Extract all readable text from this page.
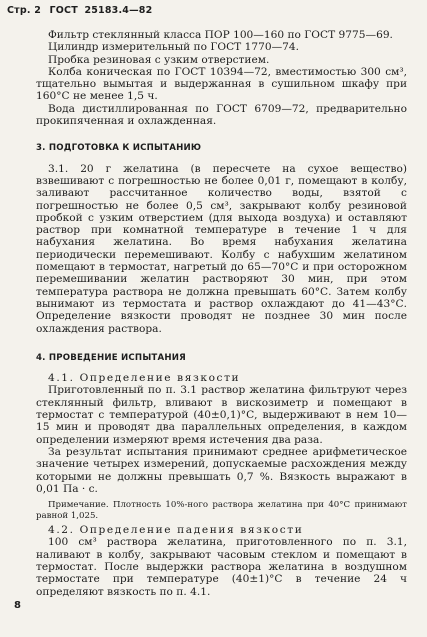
Стр. 2 ГОСТ 25183.4—82

Фильтр стеклянный класса ПОР 100—160 по ГОСТ 9775—69.

Цилиндр измерительный по ГОСТ 1770—74.

Пробка резиновая с узким отверстием.

Колба коническая по ГОСТ 10394—72, вместимостью 300 см³, тщательно вымытая и выдержанная в сушильном шкафу при 160°С не менее 1,5 ч.

Вода дистиллированная по ГОСТ 6709—72, предварительно прокипяченная и охлажденная.

3. ПОДГОТОВКА К ИСПЫТАНИЮ

3.1. 20 г желатина (в пересчете на сухое вещество) взвешивают с погрешностью не более 0,01 г, помещают в колбу, заливают рассчитанное количество воды, взятой с погрешностью не более 0,5 см³, закрывают колбу резиновой пробкой с узким отверстием (для выхода воздуха) и оставляют раствор при комнатной температуре в течение 1 ч для набухания желатина. Во время набухания желатина периодически перемешивают. Колбу с набухшим желатином помещают в термостат, нагретый до 65—70°С и при осторожном перемешивании желатин растворяют 30 мин, при этом температура раствора не должна превышать 60°С. Затем колбу вынимают из термостата и раствор охлаждают до 41—43°С. Определение вязкости проводят не позднее 30 мин после охлаждения раствора.

4. ПРОВЕДЕНИЕ ИСПЫТАНИЯ

4.1. Определение вязкости

Приготовленный по п. 3.1 раствор желатина фильтруют через стеклянный фильтр, вливают в вискозиметр и помещают в термостат с температурой (40±0,1)°С, выдерживают в нем 10—15 мин и проводят два параллельных определения, в каждом определении измеряют время истечения два раза.

За результат испытания принимают среднее арифметическое значение четырех измерений, допускаемые расхождения между которыми не должны превышать 0,7 %. Вязкость выражают в 0,01 Па · с.

Примечание. Плотность 10%-ного раствора желатина при 40°С принимают равной 1,025.

4.2. Определение падения вязкости

100 см³ раствора желатина, приготовленного по п. 3.1, наливают в колбу, закрывают часовым стеклом и помещают в термостат. После выдержки раствора желатина в воздушном термостате при температуре (40±1)°С в течение 24 ч определяют вязкость по п. 4.1.

8
